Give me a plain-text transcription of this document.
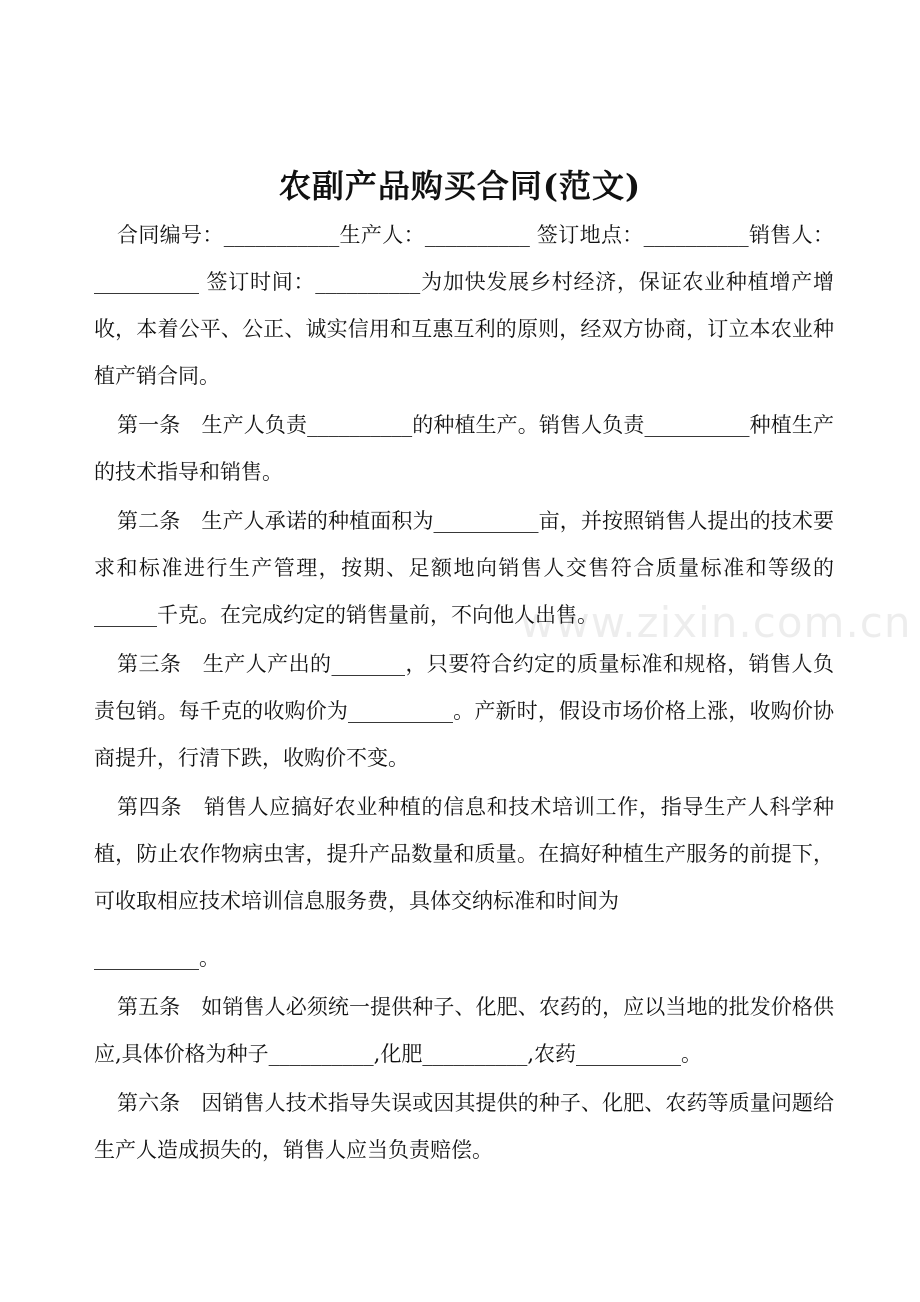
农副产品购买合同(范文)

合同编号：___________生产人：__________ 签订地点：__________销售人：__________ 签订时间：__________为加快发展乡村经济，保证农业种植增产增收，本着公平、公正、诚实信用和互惠互利的原则，经双方协商，订立本农业种植产销合同。

第一条　生产人负责__________的种植生产。销售人负责__________种植生产的技术指导和销售。

第二条　生产人承诺的种植面积为__________亩，并按照销售人提出的技术要求和标准进行生产管理，按期、足额地向销售人交售符合质量标准和等级的______千克。在完成约定的销售量前，不向他人出售。

第三条　生产人产出的_______，只要符合约定的质量标准和规格，销售人负责包销。每千克的收购价为__________。产新时，假设市场价格上涨，收购价协商提升，行清下跌，收购价不变。

第四条　销售人应搞好农业种植的信息和技术培训工作，指导生产人科学种植，防止农作物病虫害，提升产品数量和质量。在搞好种植生产服务的前提下，可收取相应技术培训信息服务费，具体交纳标准和时间为

__________。

第五条　如销售人必须统一提供种子、化肥、农药的，应以当地的批发价格供应,具体价格为种子__________,化肥__________,农药__________。

第六条　因销售人技术指导失误或因其提供的种子、化肥、农药等质量问题给生产人造成损失的，销售人应当负责赔偿。

www.zixin.com.cn
